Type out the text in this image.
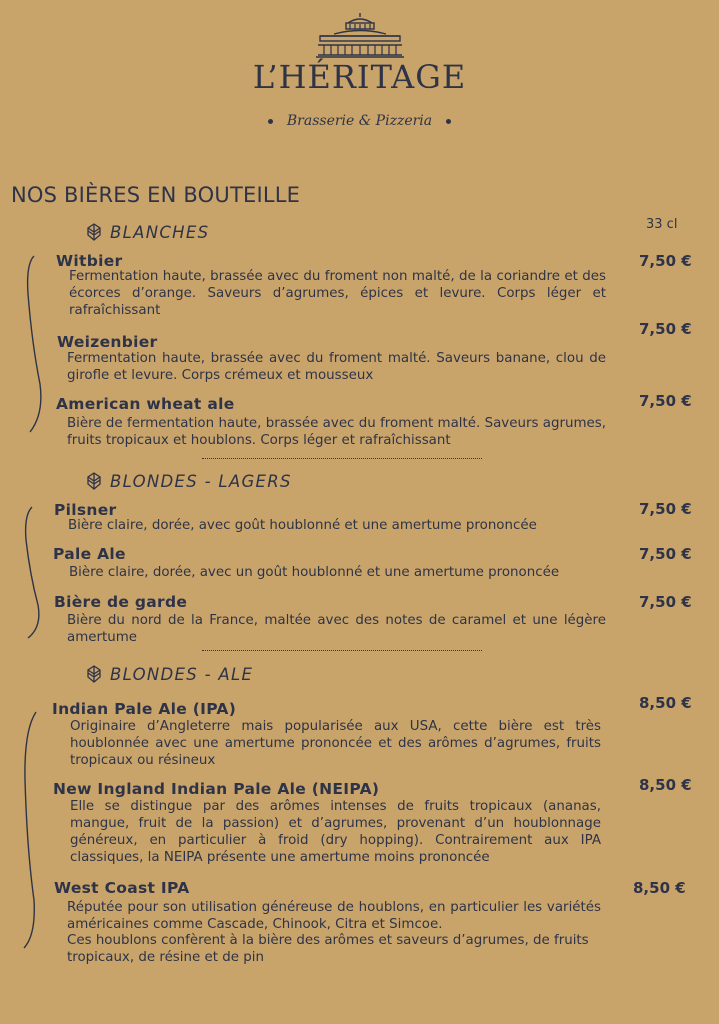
L’HÉRITAGE
Brasserie & Pizzeria
NOS BIÈRES EN BOUTEILLE
33 cl
BLANCHES
Witbier	7,50 €
Fermentation haute, brassée avec du froment non malté, de la coriandre et des écorces d’orange. Saveurs d’agrumes, épices et levure. Corps léger et rafraîchissant
Weizenbier
7,50 €
Fermentation haute, brassée avec du froment malté. Saveurs banane, clou de girofle et levure. Corps crémeux et mousseux
American wheat ale	7,50 €
Bière de fermentation haute, brassée avec du froment malté. Saveurs agrumes, fruits tropicaux et houblons. Corps léger et rafraîchissant
BLONDES - LAGERS
Pilsner	7,50 €
Bière claire, dorée, avec goût houblonné et une amertume prononcée
Pale Ale	7,50 €
Bière claire, dorée, avec un goût houblonné et une amertume prononcée
Bière de garde	7,50 €
Bière du nord de la France, maltée avec des notes de caramel et une légère amertume
BLONDES - ALE
Indian Pale Ale (IPA)	8,50 €
Originaire d’Angleterre mais popularisée aux USA, cette bière est très houblonnée avec une amertume prononcée et des arômes d’agrumes, fruits tropicaux ou résineux
New Ingland Indian Pale Ale (NEIPA)	8,50 €
Elle se distingue par des arômes intenses de fruits tropicaux (ananas, mangue, fruit de la passion) et d’agrumes, provenant d’un houblonnage généreux, en particulier à froid (dry hopping). Contrairement aux IPA classiques, la NEIPA présente une amertume moins prononcée
West Coast IPA	8,50 €
Réputée pour son utilisation généreuse de houblons, en particulier les variétés américaines comme Cascade, Chinook, Citra et Simcoe.
Ces houblons confèrent à la bière des arômes et saveurs d’agrumes, de fruits tropicaux, de résine et de pin
